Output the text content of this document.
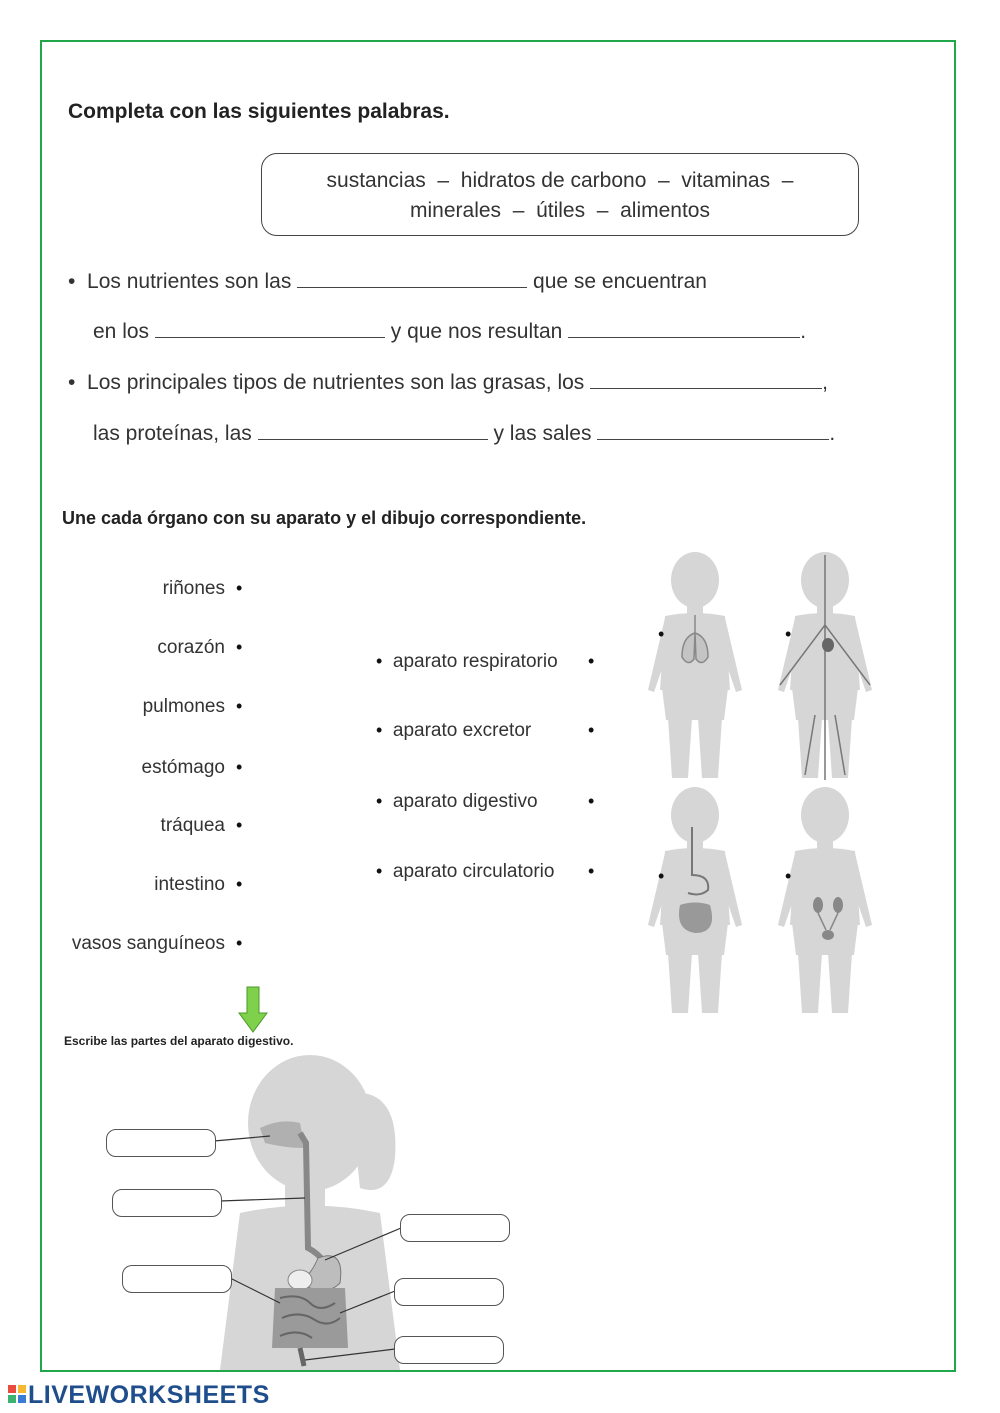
Completa con las siguientes palabras.
sustancias  –  hidratos de carbono  –  vitaminas  –
minerales  –  útiles  –  alimentos
• Los nutrientes son las	que se encuentran
en los	y que nos resultan	.
• Los principales tipos de nutrientes son las grasas, los	,
las proteínas, las	y las sales	.
Une cada órgano con su aparato y el dibujo correspondiente.
riñones
corazón
pulmones
estómago
tráquea
intestino
vasos sanguíneos
•
•
•
•
•
•
•
• aparato respiratorio
• aparato excretor
• aparato digestivo
• aparato circulatorio
•
•
•
•
•	•
•	•
Escribe las partes del aparato digestivo.
LIVEWORKSHEETS
